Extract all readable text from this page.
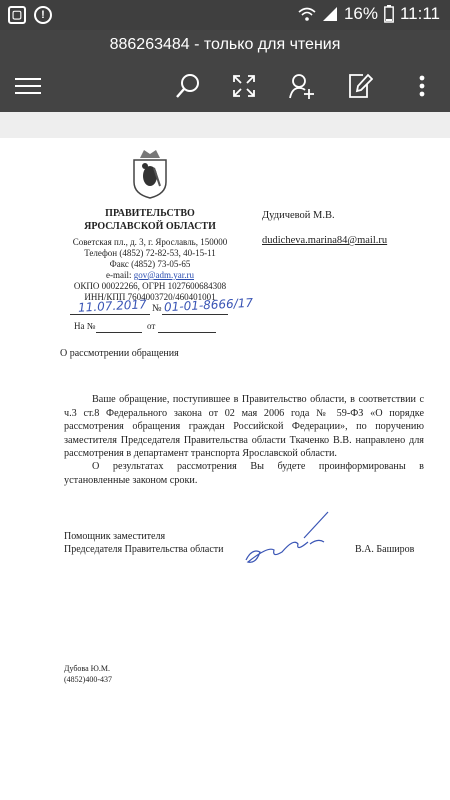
▢	!	16% 11:11
886263484 - только для чтения
ПРАВИТЕЛЬСТВО
ЯРОСЛАВСКОЙ ОБЛАСТИ
Советская пл., д. 3, г. Ярославль, 150000
Телефон (4852) 72-82-53, 40-15-11
Факс (4852) 73-05-65
e-mail: gov@adm.yar.ru
ОКПО 00022266, ОГРН 1027600684308
ИНН/КПП 7604003720/460401001
11.07.2017 № 01-01-8666/17
На №	от
Дудичевой М.В.
dudicheva.marina84@mail.ru
О рассмотрении обращения
Ваше обращение, поступившее в Правительство области, в соответствии с ч.3 ст.8 Федерального закона от 02 мая 2006 года № 59-ФЗ «О порядке рассмотрения обращения граждан Российской Федерации», по поручению заместителя Председателя Правительства области Ткаченко В.В. направлено для рассмотрения в департамент транспорта Ярославской области.
О результатах рассмотрения Вы будете проинформированы в установленные законом сроки.
Помощник заместителя
Председателя Правительства области	В.А. Баширов
Дубова Ю.М.
(4852)400-437
